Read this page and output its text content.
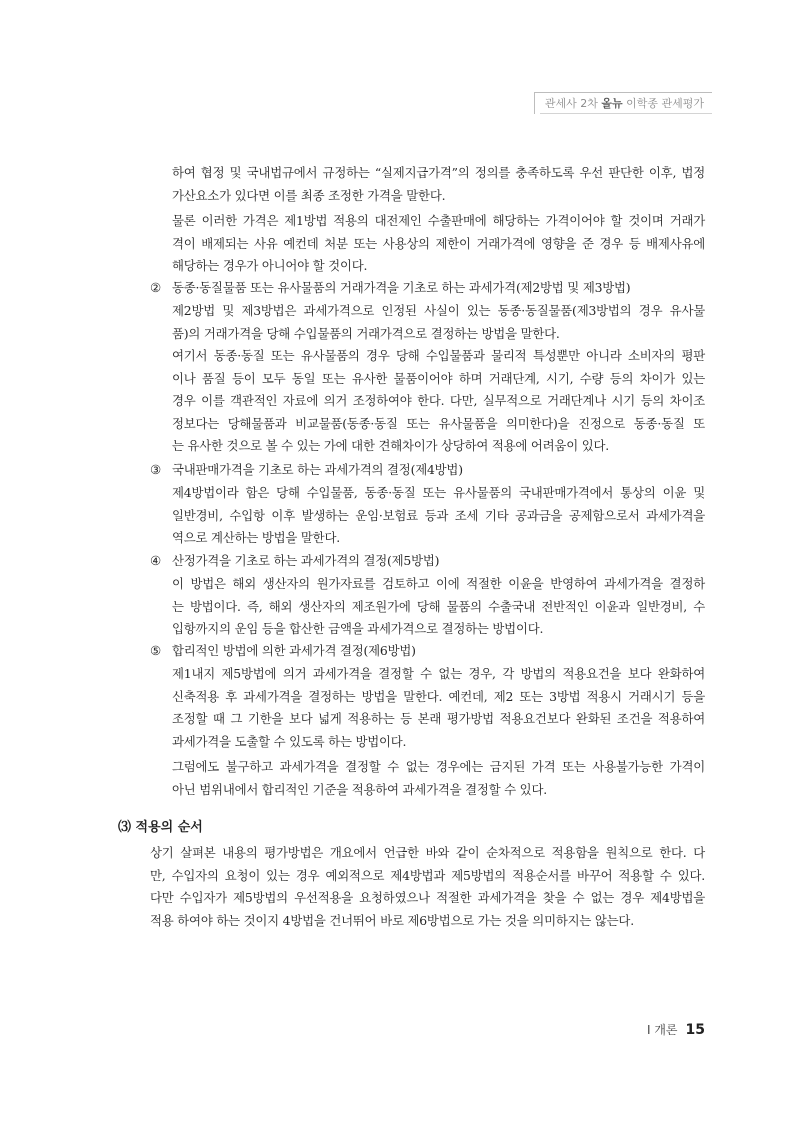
관세사 2차 올뉴 이학종 관세평가
하여 협정 및 국내법규에서 규정하는 “실제지급가격”의 정의를 충족하도록 우선 판단한 이후, 법정
가산요소가 있다면 이를 최종 조정한 가격을 말한다.
물론 이러한 가격은 제1방법 적용의 대전제인 수출판매에 해당하는 가격이어야 할 것이며 거래가
격이 배제되는 사유 예컨데 처분 또는 사용상의 제한이 거래가격에 영향을 준 경우 등 배제사유에
해당하는 경우가 아니어야 할 것이다.
② 동종·동질물품 또는 유사물품의 거래가격을 기초로 하는 과세가격(제2방법 및 제3방법)
제2방법 및 제3방법은 과세가격으로 인정된 사실이 있는 동종·동질물품(제3방법의 경우 유사물
품)의 거래가격을 당해 수입물품의 거래가격으로 결정하는 방법을 말한다.
여기서 동종·동질 또는 유사물품의 경우 당해 수입물품과 물리적 특성뿐만 아니라 소비자의 평판
이나 품질 등이 모두 동일 또는 유사한 물품이어야 하며 거래단계, 시기, 수량 등의 차이가 있는
경우 이를 객관적인 자료에 의거 조정하여야 한다. 다만, 실무적으로 거래단계나 시기 등의 차이조
정보다는 당해물품과 비교물품(동종·동질 또는 유사물품을 의미한다)을 진정으로 동종·동질 또
는 유사한 것으로 볼 수 있는 가에 대한 견해차이가 상당하여 적용에 어려움이 있다.
③ 국내판매가격을 기초로 하는 과세가격의 결정(제4방법)
제4방법이라 함은 당해 수입물품, 동종·동질 또는 유사물품의 국내판매가격에서 통상의 이윤 및
일반경비, 수입항 이후 발생하는 운임·보험료 등과 조세 기타 공과금을 공제함으로서 과세가격을
역으로 계산하는 방법을 말한다.
④ 산정가격을 기초로 하는 과세가격의 결정(제5방법)
이 방법은 해외 생산자의 원가자료를 검토하고 이에 적절한 이윤을 반영하여 과세가격을 결정하
는 방법이다. 즉, 해외 생산자의 제조원가에 당해 물품의 수출국내 전반적인 이윤과 일반경비, 수
입항까지의 운임 등을 합산한 금액을 과세가격으로 결정하는 방법이다.
⑤ 합리적인 방법에 의한 과세가격 결정(제6방법)
제1내지 제5방법에 의거 과세가격을 결정할 수 없는 경우, 각 방법의 적용요건을 보다 완화하여
신축적용 후 과세가격을 결정하는 방법을 말한다. 예컨데, 제2 또는 3방법 적용시 거래시기 등을
조정할 때 그 기한을 보다 넓게 적용하는 등 본래 평가방법 적용요건보다 완화된 조건을 적용하여
과세가격을 도출할 수 있도록 하는 방법이다.
그럼에도 불구하고 과세가격을 결정할 수 없는 경우에는 금지된 가격 또는 사용불가능한 가격이
아닌 범위내에서 합리적인 기준을 적용하여 과세가격을 결정할 수 있다.
⑶ 적용의 순서
상기 살펴본 내용의 평가방법은 개요에서 언급한 바와 같이 순차적으로 적용함을 원칙으로 한다. 다
만, 수입자의 요청이 있는 경우 예외적으로 제4방법과 제5방법의 적용순서를 바꾸어 적용할 수 있다.
다만 수입자가 제5방법의 우선적용을 요청하였으나 적절한 과세가격을 찾을 수 없는 경우 제4방법을
적용 하여야 하는 것이지 4방법을 건너뛰어 바로 제6방법으로 가는 것을 의미하지는 않는다.
Ⅰ 개론 15
